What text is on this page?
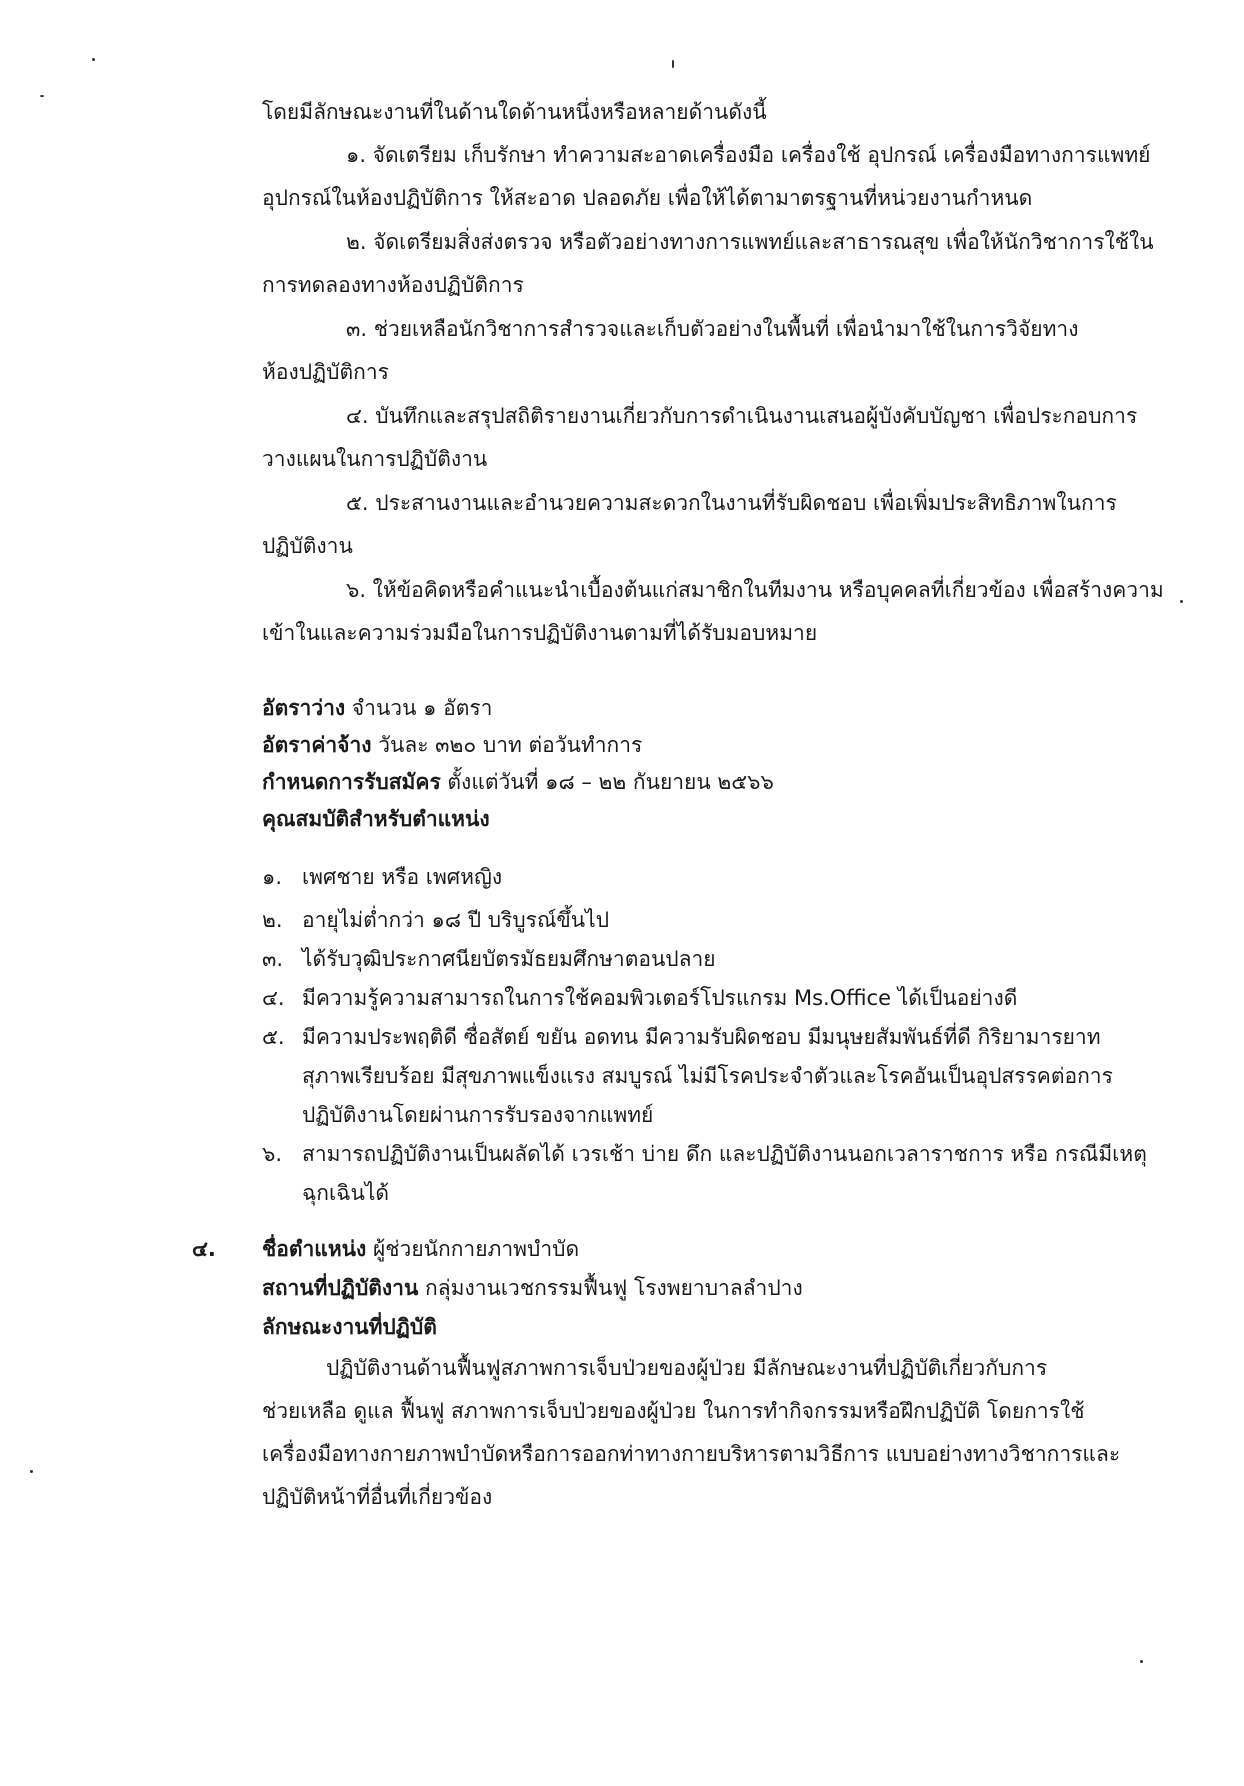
โดยมีลักษณะงานที่ในด้านใดด้านหนึ่งหรือหลายด้านดังนี้
๑. จัดเตรียม เก็บรักษา ทำความสะอาดเครื่องมือ เครื่องใช้ อุปกรณ์ เครื่องมือทางการแพทย์
อุปกรณ์ในห้องปฏิบัติการ ให้สะอาด ปลอดภัย เพื่อให้ได้ตามาตรฐานที่หน่วยงานกำหนด
๒. จัดเตรียมสิ่งส่งตรวจ หรือตัวอย่างทางการแพทย์และสาธารณสุข เพื่อให้นักวิชาการใช้ใน
การทดลองทางห้องปฏิบัติการ
๓. ช่วยเหลือนักวิชาการสำรวจและเก็บตัวอย่างในพื้นที่ เพื่อนำมาใช้ในการวิจัยทาง
ห้องปฏิบัติการ
๔. บันทึกและสรุปสถิติรายงานเกี่ยวกับการดำเนินงานเสนอผู้บังคับบัญชา เพื่อประกอบการ
วางแผนในการปฏิบัติงาน
๕. ประสานงานและอำนวยความสะดวกในงานที่รับผิดชอบ เพื่อเพิ่มประสิทธิภาพในการ
ปฏิบัติงาน
๖. ให้ข้อคิดหรือคำแนะนำเบื้องต้นแก่สมาชิกในทีมงาน หรือบุคคลที่เกี่ยวข้อง เพื่อสร้างความ
เข้าในและความร่วมมือในการปฏิบัติงานตามที่ได้รับมอบหมาย
อัตราว่าง จำนวน ๑ อัตรา
อัตราค่าจ้าง วันละ ๓๒๐ บาท ต่อวันทำการ
กำหนดการรับสมัคร ตั้งแต่วันที่ ๑๘ – ๒๒ กันยายน ๒๕๖๖
คุณสมบัติสำหรับตำแหน่ง
๑. เพศชาย หรือ เพศหญิง
๒. อายุไม่ต่ำกว่า ๑๘ ปี บริบูรณ์ขึ้นไป
๓. ได้รับวุฒิประกาศนียบัตรมัธยมศึกษาตอนปลาย
๔. มีความรู้ความสามารถในการใช้คอมพิวเตอร์โปรแกรม Ms.Office ได้เป็นอย่างดี
๕. มีความประพฤติดี ซื่อสัตย์ ขยัน อดทน มีความรับผิดชอบ มีมนุษยสัมพันธ์ที่ดี กิริยามารยาท
สุภาพเรียบร้อย มีสุขภาพแข็งแรง สมบูรณ์ ไม่มีโรคประจำตัวและโรคอันเป็นอุปสรรคต่อการ
ปฏิบัติงานโดยผ่านการรับรองจากแพทย์
๖. สามารถปฏิบัติงานเป็นผลัดได้ เวรเช้า บ่าย ดึก และปฏิบัติงานนอกเวลาราชการ หรือ กรณีมีเหตุ
ฉุกเฉินได้
๔. ชื่อตำแหน่ง ผู้ช่วยนักกายภาพบำบัด
สถานที่ปฏิบัติงาน กลุ่มงานเวชกรรมฟื้นฟู โรงพยาบาลลำปาง
ลักษณะงานที่ปฏิบัติ
ปฏิบัติงานด้านฟื้นฟูสภาพการเจ็บป่วยของผู้ป่วย มีลักษณะงานที่ปฏิบัติเกี่ยวกับการ
ช่วยเหลือ ดูแล ฟื้นฟู สภาพการเจ็บป่วยของผู้ป่วย ในการทำกิจกรรมหรือฝึกปฏิบัติ โดยการใช้
เครื่องมือทางกายภาพบำบัดหรือการออกท่าทางกายบริหารตามวิธีการ แบบอย่างทางวิชาการและ
ปฏิบัติหน้าที่อื่นที่เกี่ยวข้อง
